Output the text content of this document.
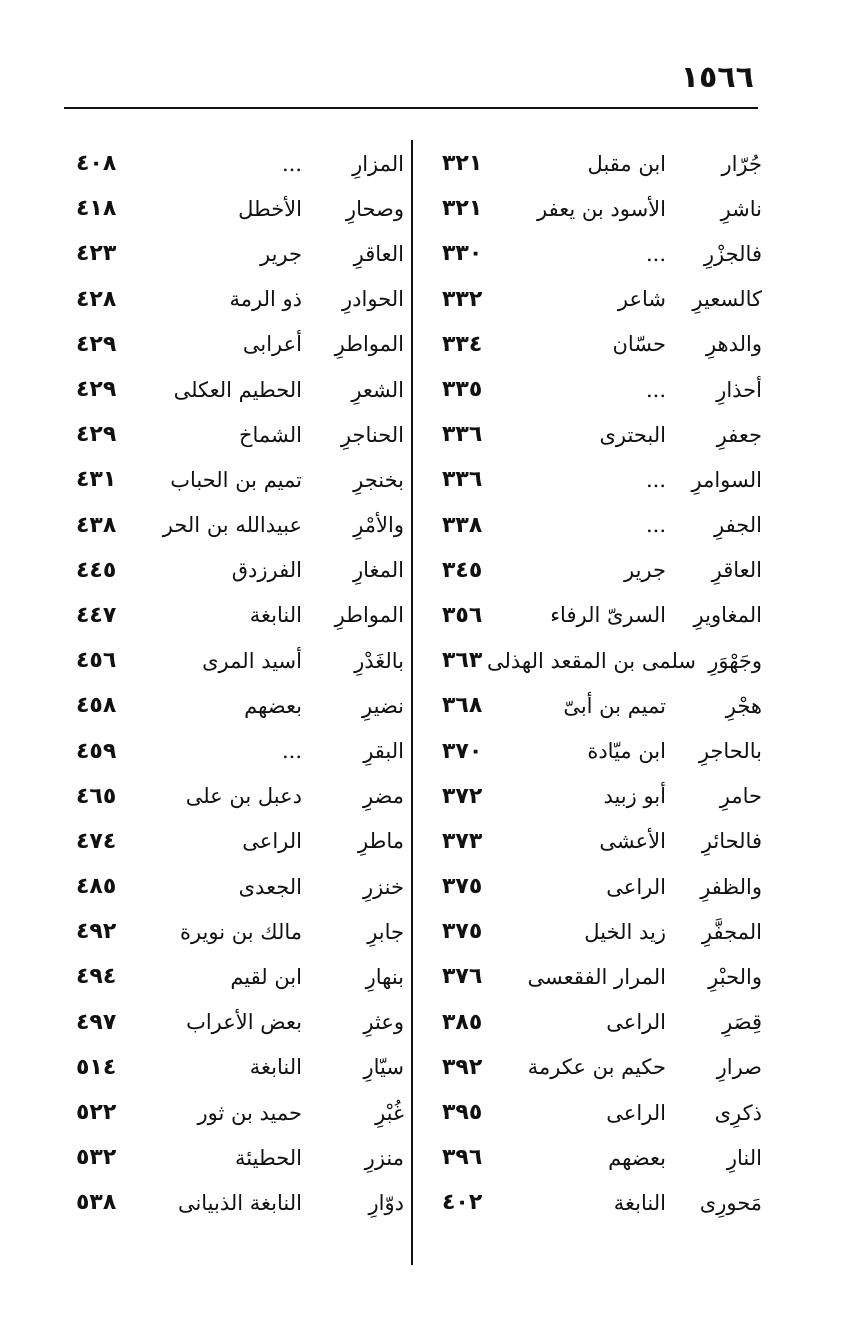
١٥٦٦
جُرّار
ابن مقبل
٣٢١
ناشرِ
الأسود بن يعفر
٣٢١
فالجزْرِ
...
٣٣٠
كالسعيرِ
شاعر
٣٣٢
والدهرِ
حسّان
٣٣٤
أحذارِ
...
٣٣٥
جعفرِ
البحترى
٣٣٦
السوامرِ
...
٣٣٦
الجفرِ
...
٣٣٨
العاقرِ
جرير
٣٤٥
المغاويرِ
السرىّ الرفاء
٣٥٦
وجَهْوَرِ
سلمى بن المقعد الهذلى
٣٦٣
هجْرِ
تميم بن أبىّ
٣٦٨
بالحاجرِ
ابن ميّادة
٣٧٠
حامرِ
أبو زبيد
٣٧٢
فالحائرِ
الأعشى
٣٧٣
والظفرِ
الراعى
٣٧٥
المجفَّرِ
زيد الخيل
٣٧٥
والحبْرِ
المرار الفقعسى
٣٧٦
قِصَرِ
الراعى
٣٨٥
صرارِ
حكيم بن عكرمة
٣٩٢
ذكرِى
الراعى
٣٩٥
النارِ
بعضهم
٣٩٦
مَحورِى
النابغة
٤٠٢
المزارِ
...
٤٠٨
وصحارِ
الأخطل
٤١٨
العاقرِ
جرير
٤٢٣
الحوادرِ
ذو الرمة
٤٢٨
المواطرِ
أعرابى
٤٢٩
الشعرِ
الحطيم العكلى
٤٢٩
الحناجرِ
الشماخ
٤٢٩
بخنجرِ
تميم بن الحباب
٤٣١
والأمْرِ
عبيدالله بن الحر
٤٣٨
المغارِ
الفرزدق
٤٤٥
المواطرِ
النابغة
٤٤٧
بالغَدْرِ
أسيد المرى
٤٥٦
نضيرِ
بعضهم
٤٥٨
البقرِ
...
٤٥٩
مضرِ
دعبل بن على
٤٦٥
ماطرِ
الراعى
٤٧٤
خنزرِ
الجعدى
٤٨٥
جابرِ
مالك بن نويرة
٤٩٢
بنهارِ
ابن لقيم
٤٩٤
وعثرِ
بعض الأعراب
٤٩٧
سيّارِ
النابغة
٥١٤
غُبْرِ
حميد بن ثور
٥٢٢
منزرِ
الحطيئة
٥٣٢
دوّارِ
النابغة الذبيانى
٥٣٨
